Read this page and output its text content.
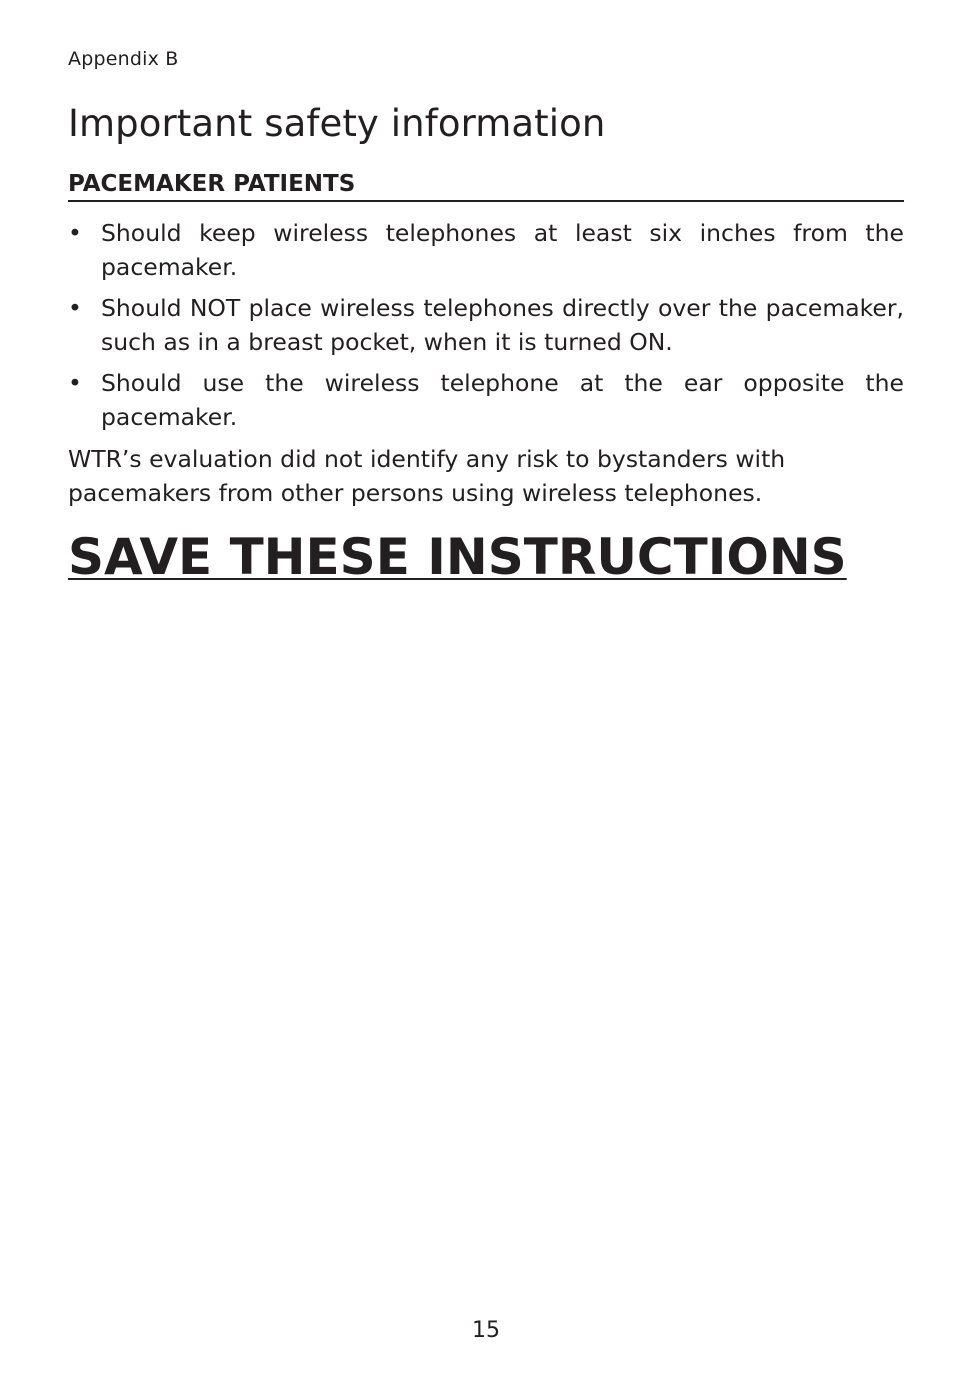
Appendix B
Important safety information
PACEMAKER PATIENTS
• Should keep wireless telephones at least six inches from the pacemaker.
• Should NOT place wireless telephones directly over the pacemaker, such as in a breast pocket, when it is turned ON.
• Should use the wireless telephone at the ear opposite the pacemaker.

WTR’s evaluation did not identify any risk to bystanders with pacemakers from other persons using wireless telephones.

SAVE THESE INSTRUCTIONS
15
